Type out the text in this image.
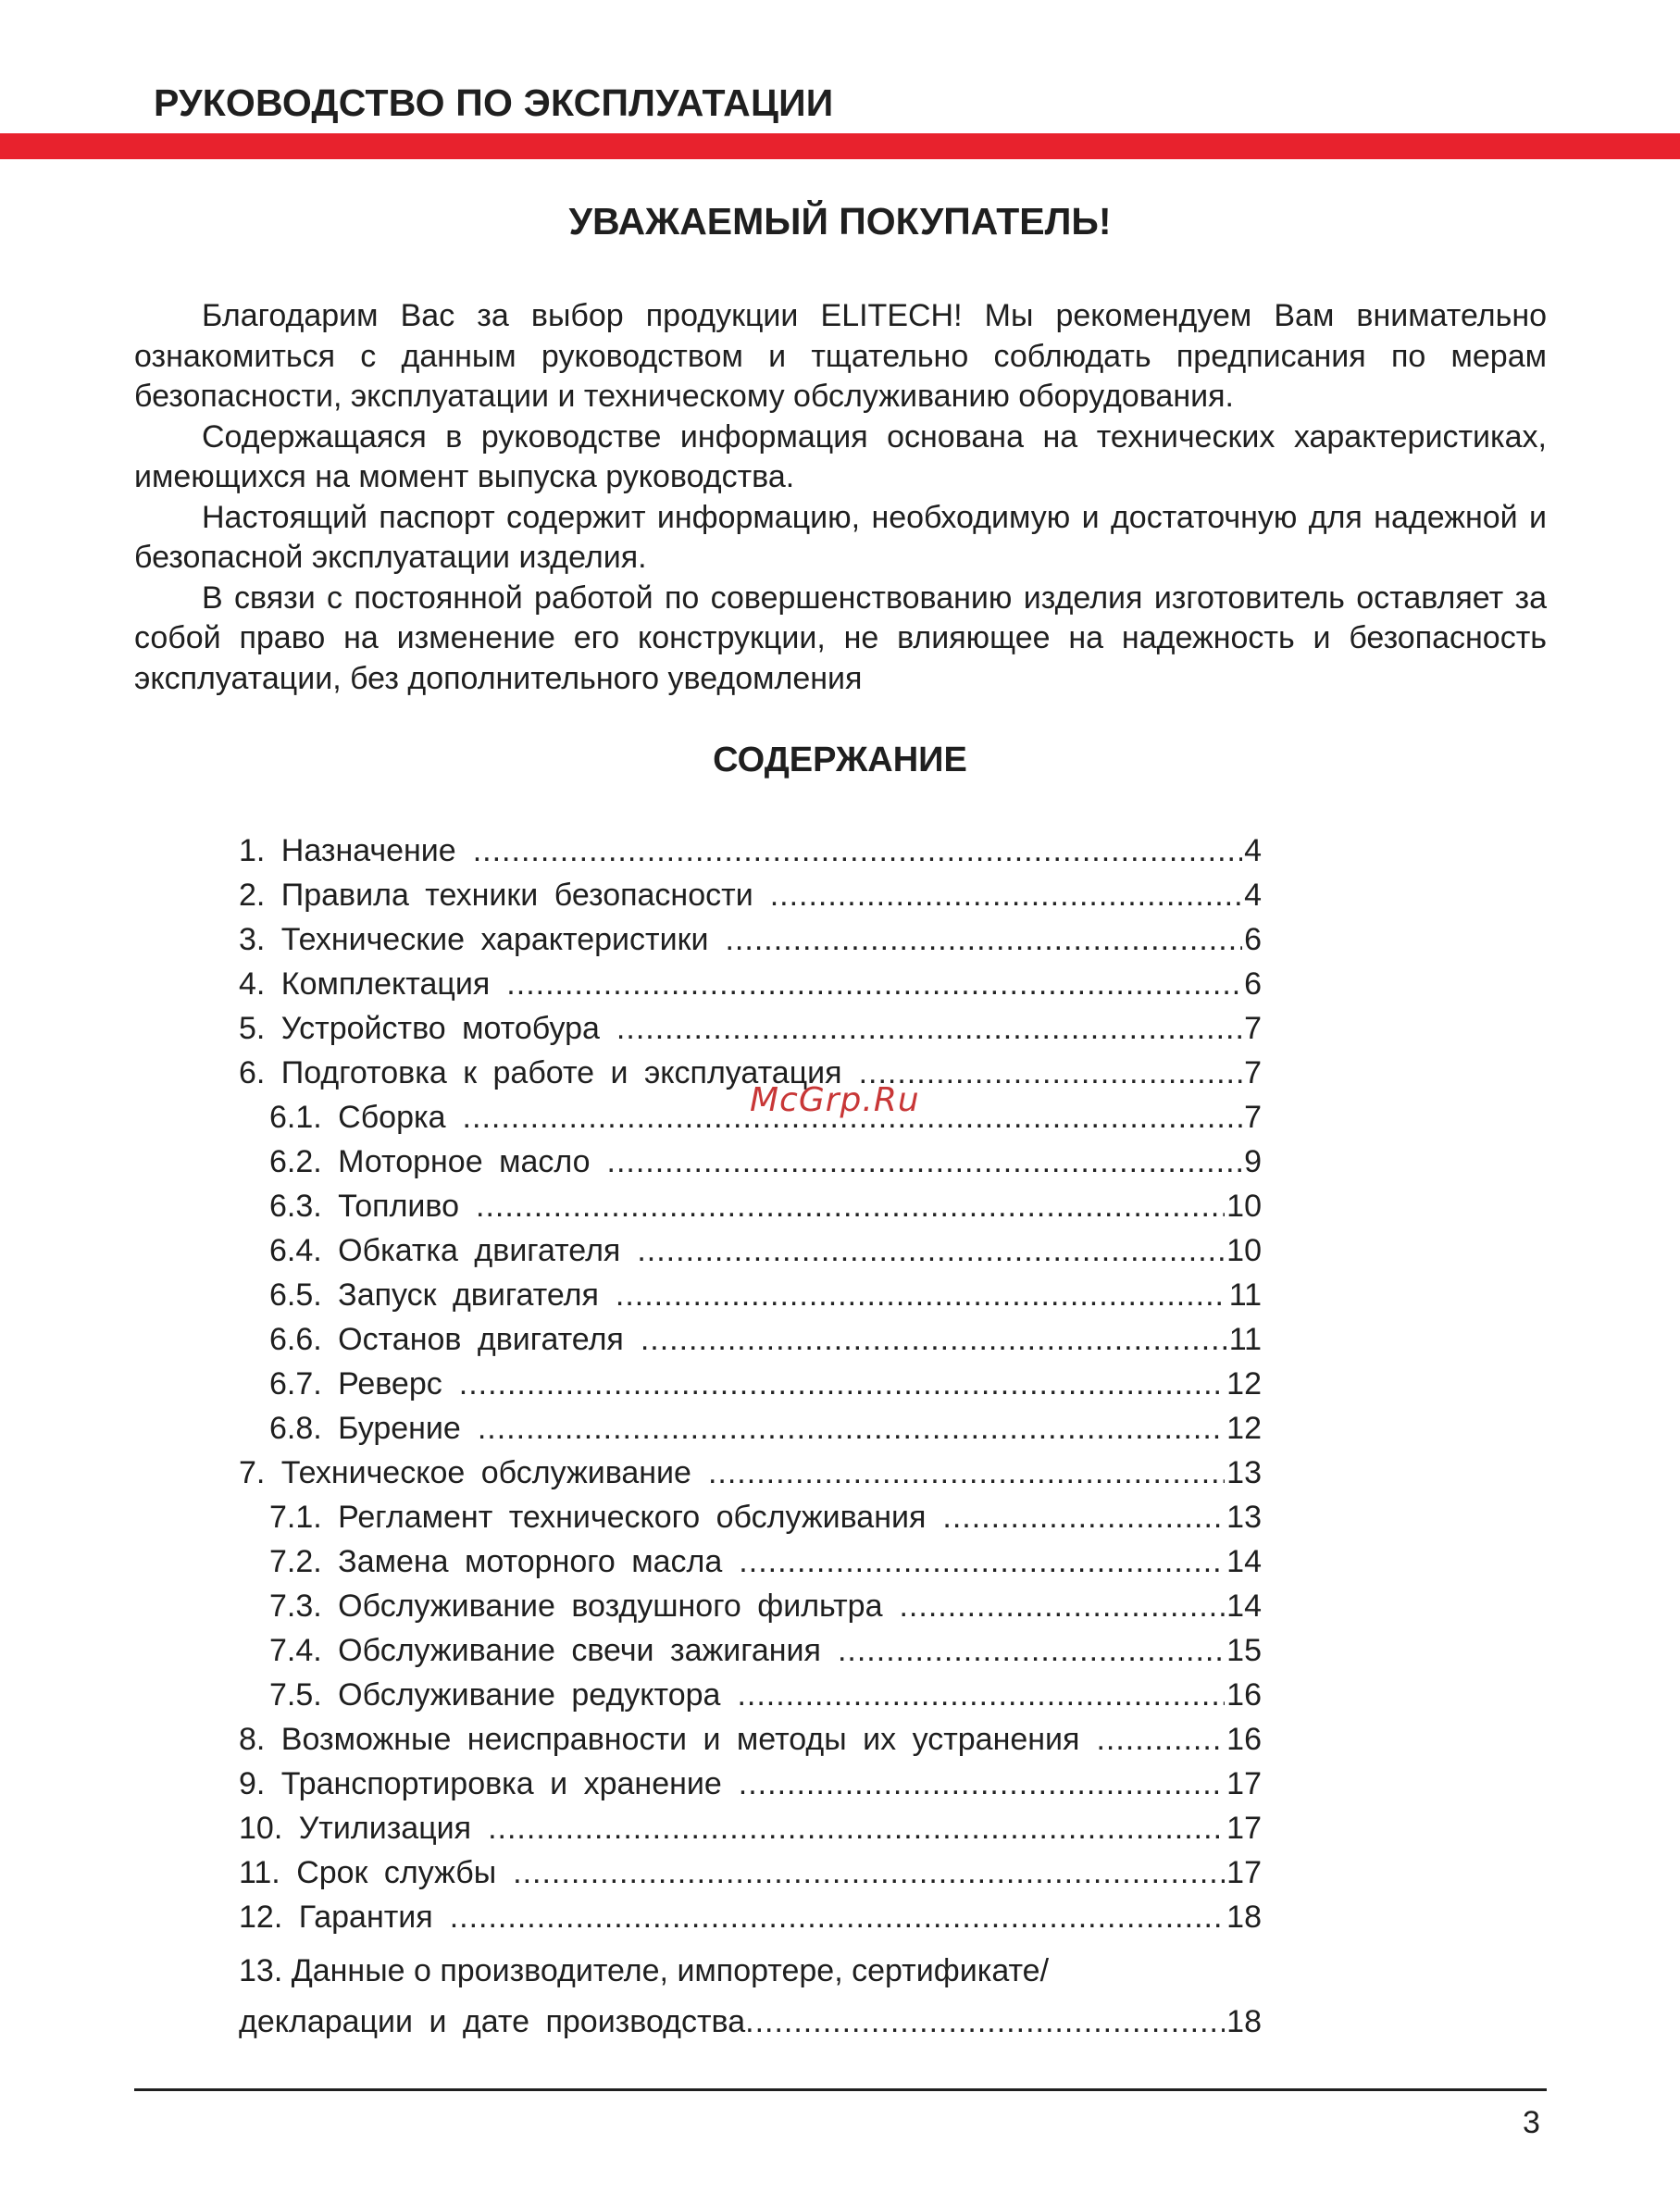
РУКОВОДСТВО ПО ЭКСПЛУАТАЦИИ
УВАЖАЕМЫЙ ПОКУПАТЕЛЬ!

Благодарим Вас за выбор продукции ELITECH! Мы рекомендуем Вам внимательно ознакомиться с данным руководством и тщательно соблюдать предписания по мерам безопасности, эксплуатации и техническому обслуживанию оборудования.

Содержащаяся в руководстве информация основана на технических характеристиках, имеющихся на момент выпуска руководства.

Настоящий паспорт содержит информацию, необходимую и достаточную для надежной и безопасной эксплуатации изделия.

В связи с постоянной работой по совершенствованию изделия изготовитель оставляет за собой право на изменение его конструкции, не влияющее на надежность и безопасность эксплуатации, без дополнительного уведомления

СОДЕРЖАНИЕ
1. Назначение .....	4
2. Правила техники безопасности .....	4
3. Технические характеристики .....	6
4. Комплектация .....	6
5. Устройство мотобура .....	7
6. Подготовка к работе и эксплуатация .....	7
6.1. Сборка .....	7
6.2. Моторное масло .....	9
6.3. Топливо .....	10
6.4. Обкатка двигателя .....	10
6.5. Запуск двигателя .....	11
6.6. Останов двигателя .....	11
6.7. Реверс .....	12
6.8. Бурение .....	12
7. Техническое обслуживание .....	13
7.1. Регламент технического обслуживания .....	13
7.2. Замена моторного масла .....	14
7.3. Обслуживание воздушного фильтра .....	14
7.4. Обслуживание свечи зажигания .....	15
7.5. Обслуживание редуктора .....	16
8. Возможные неисправности и методы их устранения .....	16
9. Транспортировка и хранение .....	17
10. Утилизация .....	17
11. Срок службы .....	17
12. Гарантия .....	18
13. Данные о производителе, импортере, сертификате/
декларации и дате производства .....	18
McGrp.Ru
3
